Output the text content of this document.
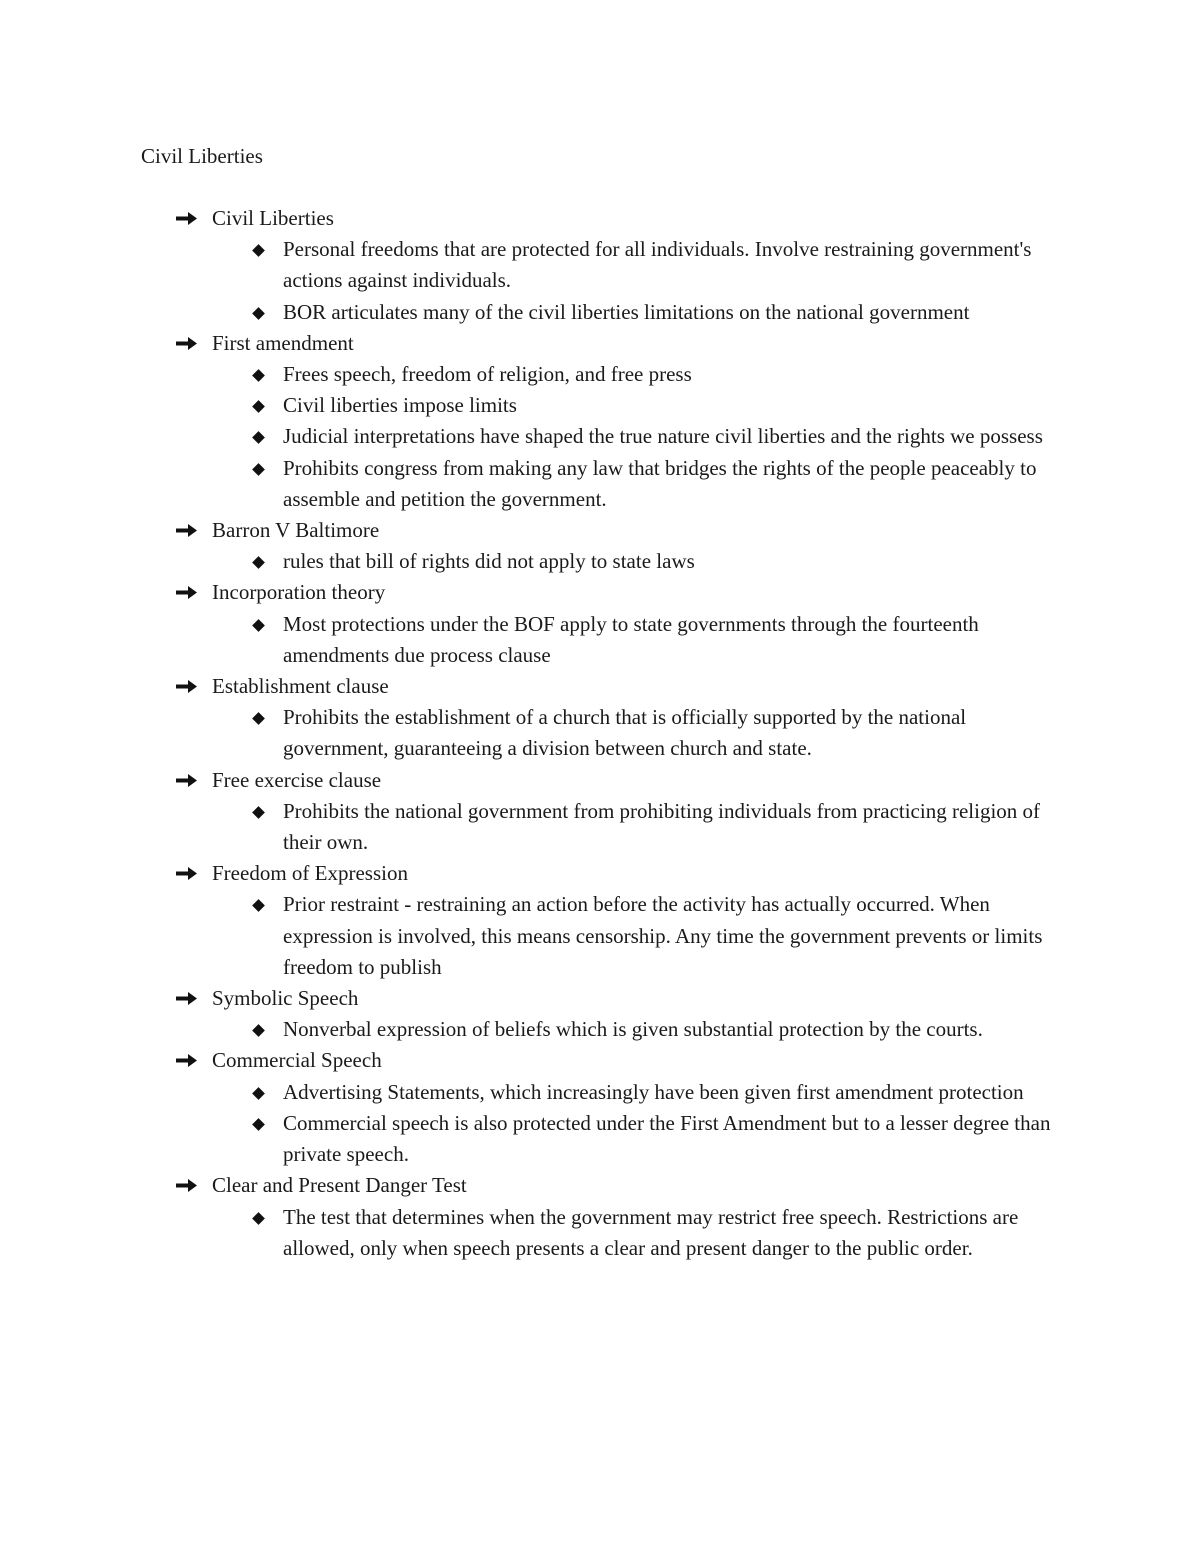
Civil Liberties
Civil Liberties
Personal freedoms that are protected for all individuals. Involve restraining government's actions against individuals.
BOR articulates many of the civil liberties limitations on the national government
First amendment
Frees speech, freedom of religion, and free press
Civil liberties impose limits
Judicial interpretations have shaped the true nature civil liberties and the rights we possess
Prohibits congress from making any law that bridges the rights of the people peaceably to assemble and petition the government.
Barron V Baltimore
rules that bill of rights did not apply to state laws
Incorporation theory
Most protections under the BOF apply to state governments through the fourteenth amendments due process clause
Establishment clause
Prohibits the establishment of a church that is officially supported by the national government, guaranteeing a division between church and state.
Free exercise clause
Prohibits the national government from prohibiting individuals from practicing religion of their own.
Freedom of Expression
Prior restraint - restraining an action before the activity has actually occurred. When expression is involved, this means censorship. Any time the government prevents or limits freedom to publish
Symbolic Speech
Nonverbal expression of beliefs which is given substantial protection by the courts.
Commercial Speech
Advertising Statements, which increasingly have been given first amendment protection
Commercial speech is also protected under the First Amendment but to a lesser degree than private speech.
Clear and Present Danger Test
The test that determines when the government may restrict free speech. Restrictions are allowed, only when speech presents a clear and present danger to the public order.
